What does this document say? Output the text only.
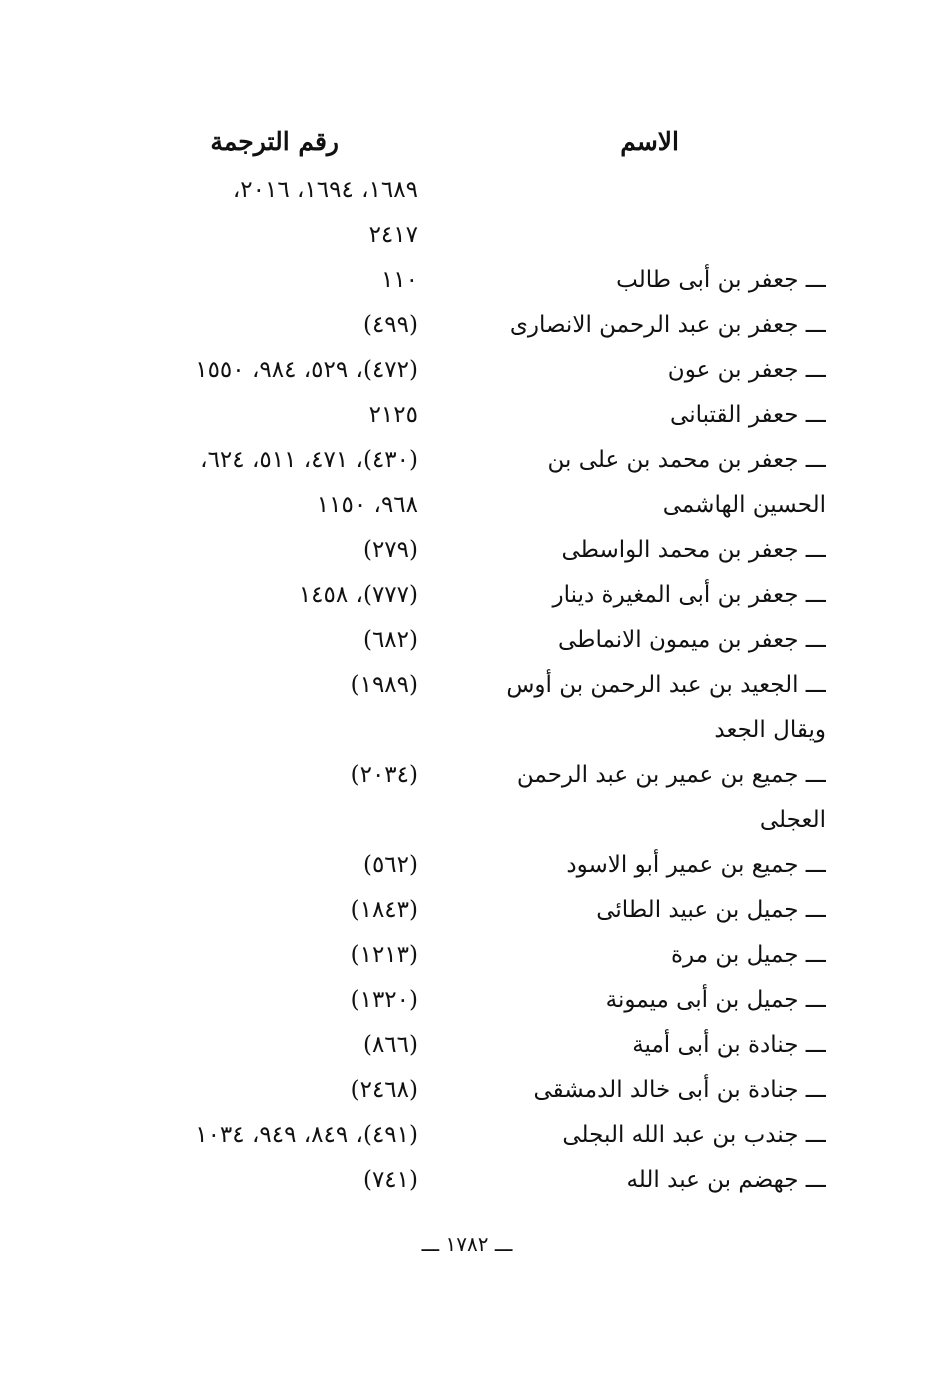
الاسم
رقم الترجمة
١٦٨٩، ١٦٩٤، ٢٠١٦،
٢٤١٧
ـــ جعفر بن أبى طالب
١١٠
ـــ جعفر بن عبد الرحمن الانصارى
(٤٩٩)
ـــ جعفر بن عون
(٤٧٢)، ٥٢٩، ٩٨٤، ١٥٥٠
ـــ حعفر القتبانى
٢١٢٥
ـــ جعفر بن محمد بن على بن
(٤٣٠)، ٤٧١، ٥١١، ٦٢٤،
الحسين الهاشمى
٩٦٨، ١١٥٠
ـــ جعفر بن محمد الواسطى
(٢٧٩)
ـــ جعفر بن أبى المغيرة دينار
(٧٧٧)، ١٤٥٨
ـــ جعفر بن ميمون الانماطى
(٦٨٢)
ـــ الجعيد بن عبد الرحمن بن أوس
(١٩٨٩)
ويقال الجعد
ـــ جميع بن عمير بن عبد الرحمن
(٢٠٣٤)
العجلى
ـــ جميع بن عمير أبو الاسود
(٥٦٢)
ـــ جميل بن عبيد الطائى
(١٨٤٣)
ـــ جميل بن مرة
(١٢١٣)
ـــ جميل بن أبى ميمونة
(١٣٢٠)
ـــ جنادة بن أبى أمية
(٨٦٦)
ـــ جنادة بن أبى خالد الدمشقى
(٢٤٦٨)
ـــ جندب بن عبد الله البجلى
(٤٩١)، ٨٤٩، ٩٤٩، ١٠٣٤
ـــ جهضم بن عبد الله
(٧٤١)
ـــ ١٧٨٢ ـــ
